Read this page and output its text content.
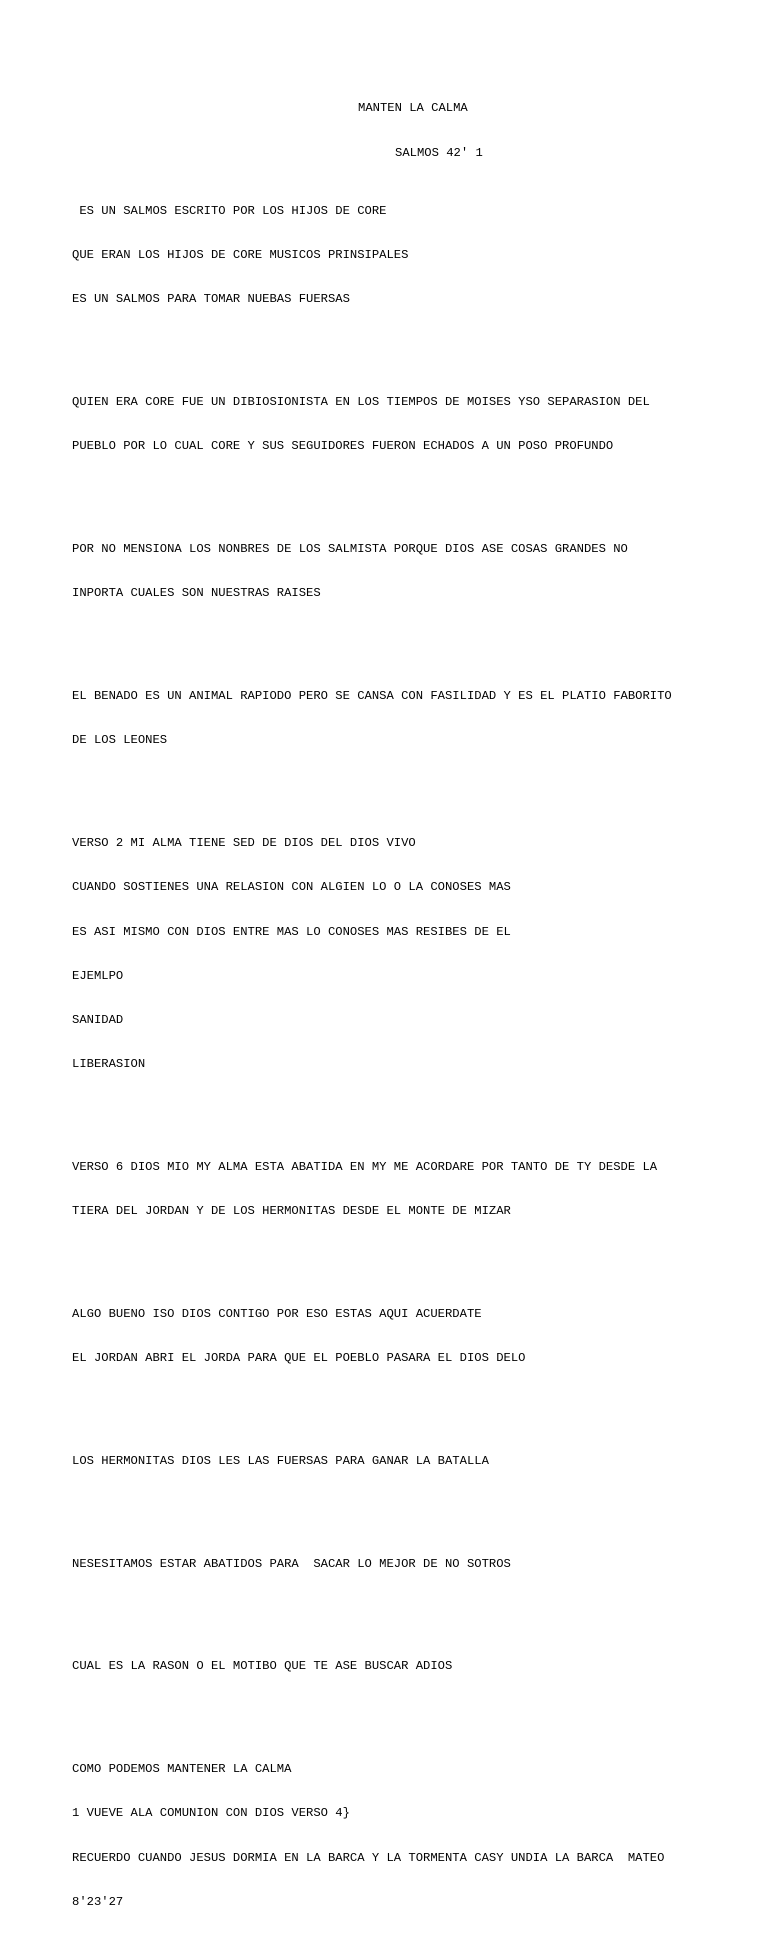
MANTEN LA CALMA

SALMOS 42' 1

ES UN SALMOS ESCRITO POR LOS HIJOS DE CORE

QUE ERAN LOS HIJOS DE CORE MUSICOS PRINSIPALES

ES UN SALMOS PARA TOMAR NUEBAS FUERSAS

QUIEN ERA CORE FUE UN DIBIOSIONISTA EN LOS TIEMPOS DE MOISES YSO SEPARASION DEL

PUEBLO POR LO CUAL CORE Y SUS SEGUIDORES FUERON ECHADOS A UN POSO PROFUNDO

POR NO MENSIONA LOS NONBRES DE LOS SALMISTA PORQUE DIOS ASE COSAS GRANDES NO

INPORTA CUALES SON NUESTRAS RAISES

EL BENADO ES UN ANIMAL RAPIODO PERO SE CANSA CON FASILIDAD Y ES EL PLATIO FABORITO

DE LOS LEONES

VERSO 2 MI ALMA TIENE SED DE DIOS DEL DIOS VIVO

CUANDO SOSTIENES UNA RELASION CON ALGIEN LO O LA CONOSES MAS

ES ASI MISMO CON DIOS ENTRE MAS LO CONOSES MAS RESIBES DE EL

EJEMLPO

SANIDAD

LIBERASION

VERSO 6 DIOS MIO MY ALMA ESTA ABATIDA EN MY ME ACORDARE POR TANTO DE TY DESDE LA

TIERA DEL JORDAN Y DE LOS HERMONITAS DESDE EL MONTE DE MIZAR

ALGO BUENO ISO DIOS CONTIGO POR ESO ESTAS AQUI ACUERDATE

EL JORDAN ABRI EL JORDA PARA QUE EL POEBLO PASARA EL DIOS DELO

LOS HERMONITAS DIOS LES LAS FUERSAS PARA GANAR LA BATALLA

NESESITAMOS ESTAR ABATIDOS PARA  SACAR LO MEJOR DE NO SOTROS

CUAL ES LA RASON O EL MOTIBO QUE TE ASE BUSCAR ADIOS

COMO PODEMOS MANTENER LA CALMA

1 VUEVE ALA COMUNION CON DIOS VERSO 4}

RECUERDO CUANDO JESUS DORMIA EN LA BARCA Y LA TORMENTA CASY UNDIA LA BARCA  MATEO

8'23'27
